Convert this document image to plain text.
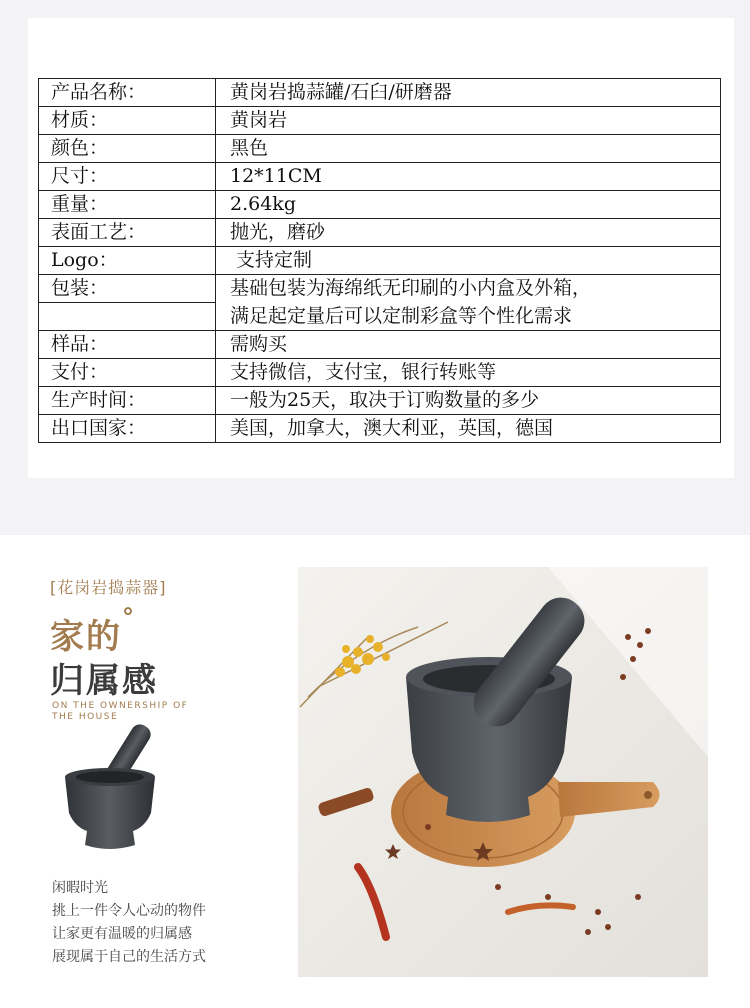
产品名称：	黄岗岩捣蒜罐/石臼/研磨器
材质：	黄岗岩
颜色：	黑色
尺寸：	12*11CM
重量：	2.64kg
表面工艺：	抛光，磨砂
Logo：	支持定制
包装：	基础包装为海绵纸无印刷的小内盒及外箱，
	满足起定量后可以定制彩盒等个性化需求
样品：	需购买
支付：	支持微信，支付宝，银行转账等
生产时间：	一般为25天，取决于订购数量的多少
出口国家：	美国，加拿大，澳大利亚，英国，德国
[花岗岩捣蒜器]
家的°
归属感
ON THE OWNERSHIP OF
THE HOUSE
闲暇时光
挑上一件令人心动的物件
让家更有温暖的归属感
展现属于自己的生活方式
